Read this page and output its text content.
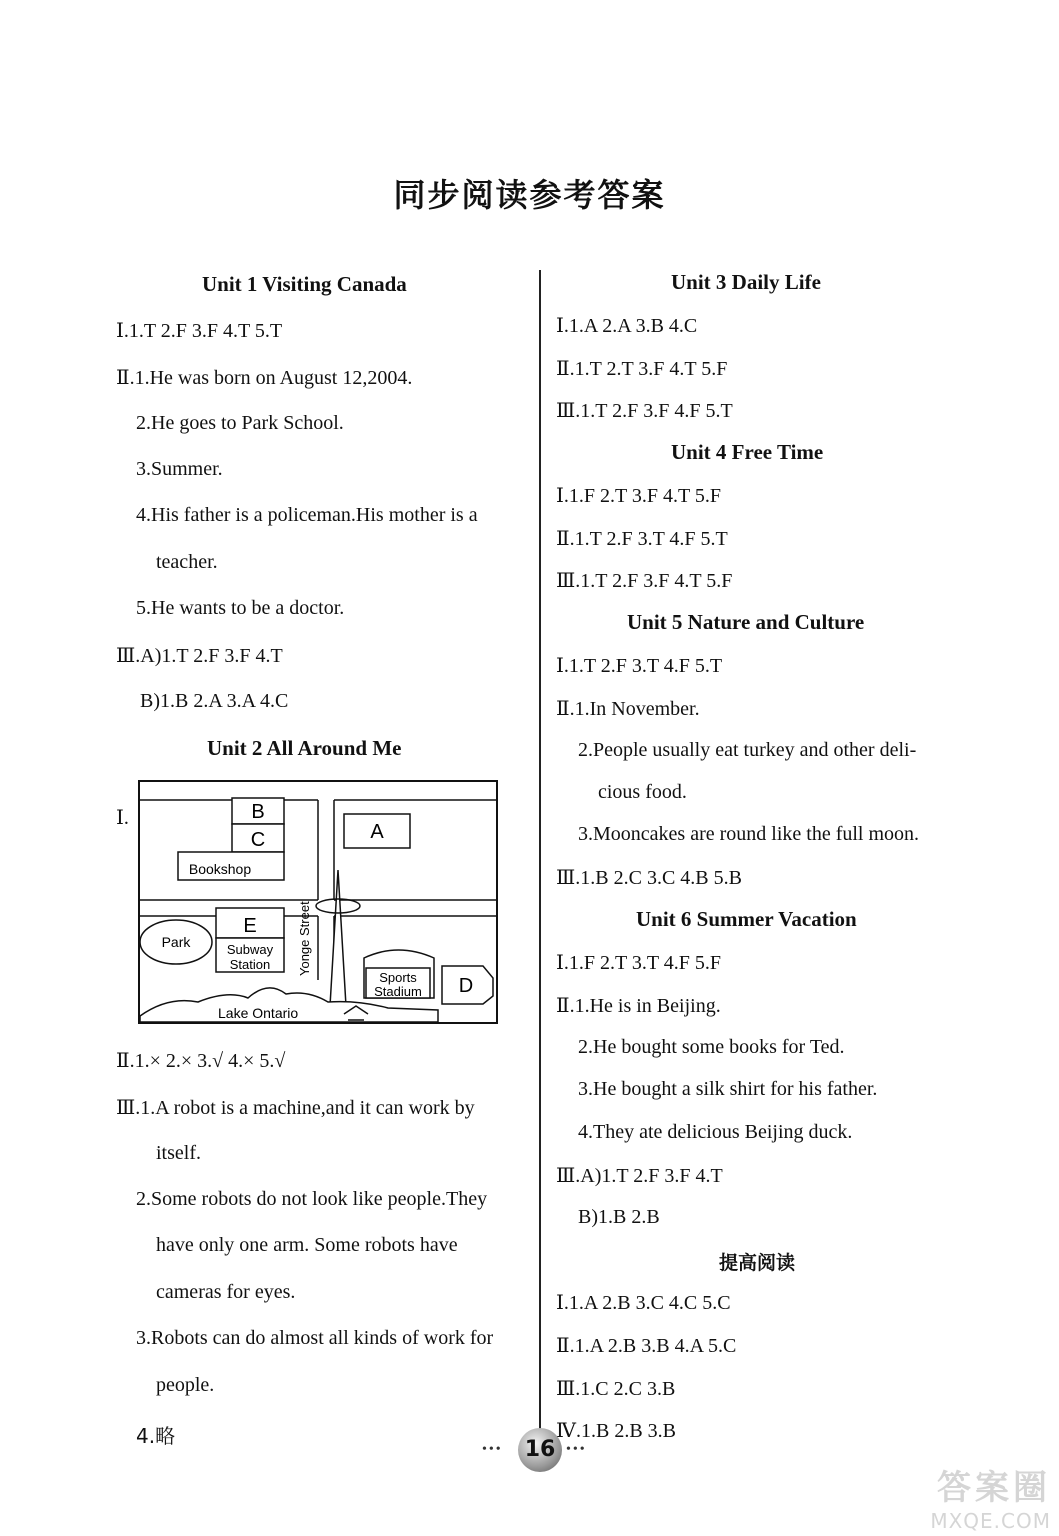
同步阅读参考答案
Unit 1 Visiting Canada
Ⅰ.1.T 2.F 3.F 4.T 5.T
Ⅱ.1.He was born on August 12,2004.
2.He goes to Park School.
3.Summer.
4.His father is a policeman.His mother is a
teacher.
5.He wants to be a doctor.
Ⅲ.A)1.T 2.F 3.F 4.T
B)1.B 2.A 3.A 4.C
Unit 2 All Around Me
Ⅰ.	B
C
Bookshop
A
Park
E
Subway
Station Yonge Street
Sports
Stadium D
Lake Ontario
Ⅱ.1.× 2.× 3.√ 4.× 5.√
Ⅲ.1.A robot is a machine,and it can work by
itself.
2.Some robots do not look like people.They
have only one arm. Some robots have
cameras for eyes.
3.Robots can do almost all kinds of work for
people.
4.略
Unit 3 Daily Life
Ⅰ.1.A 2.A 3.B 4.C
Ⅱ.1.T 2.T 3.F 4.T 5.F
Ⅲ.1.T 2.F 3.F 4.F 5.T
Unit 4 Free Time
Ⅰ.1.F 2.T 3.F 4.T 5.F
Ⅱ.1.T 2.F 3.T 4.F 5.T
Ⅲ.1.T 2.F 3.F 4.T 5.F
Unit 5 Nature and Culture
Ⅰ.1.T 2.F 3.T 4.F 5.T
Ⅱ.1.In November.
2.People usually eat turkey and other deli-
cious food.
3.Mooncakes are round like the full moon.
Ⅲ.1.B 2.C 3.C 4.B 5.B
Unit 6 Summer Vacation
Ⅰ.1.F 2.T 3.T 4.F 5.F
Ⅱ.1.He is in Beijing.
2.He bought some books for Ted.
3.He bought a silk shirt for his father.
4.They ate delicious Beijing duck.
Ⅲ.A)1.T 2.F 3.F 4.T
B)1.B 2.B
提高阅读
Ⅰ.1.A 2.B 3.C 4.C 5.C
Ⅱ.1.A 2.B 3.B 4.A 5.C
Ⅲ.1.C 2.C 3.B
Ⅳ.1.B 2.B 3.B
••• 16 •••
答案圈
MXQE.COM
